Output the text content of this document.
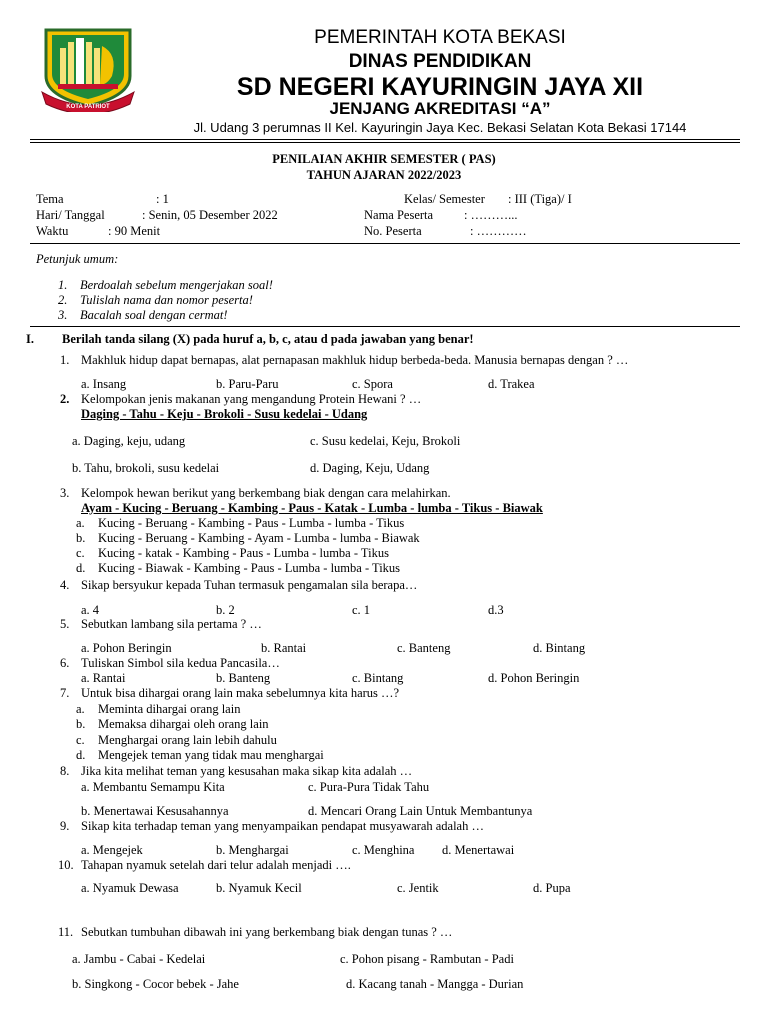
KOTA PATRIOT
PEMERINTAH KOTA BEKASI
DINAS PENDIDIKAN
SD NEGERI KAYURINGIN JAYA XII
JENJANG AKREDITASI “A”
Jl. Udang 3 perumnas II Kel. Kayuringin Jaya Kec. Bekasi Selatan Kota Bekasi 17144
PENILAIAN AKHIR SEMESTER ( PAS)
TAHUN AJARAN 2022/2023
Tema	: 1
Hari/ Tanggal	: Senin, 05 Desember 2022
Waktu	: 90 Menit
Kelas/ Semester : III (Tiga)/ I
Nama Peserta : ………...
No. Peserta	: …………
Petunjuk umum:
1. Berdoalah sebelum mengerjakan soal!
2. Tulislah nama dan nomor peserta!
3. Bacalah soal dengan cermat!
I. Berilah tanda silang (X) pada huruf a, b, c, atau d pada jawaban yang benar!
1. Makhluk hidup dapat bernapas, alat pernapasan makhluk hidup berbeda-beda. Manusia bernapas dengan ? …
a. Insang	b. Paru-Paru	c. Spora	d. Trakea
2. Kelompokan jenis makanan yang mengandung Protein Hewani ? …
Daging - Tahu - Keju - Brokoli - Susu kedelai - Udang
a. Daging, keju, udang	c. Susu kedelai, Keju, Brokoli
b. Tahu, brokoli, susu kedelai	d. Daging, Keju, Udang
3. Kelompok hewan berikut yang berkembang biak dengan cara melahirkan.
Ayam - Kucing - Beruang - Kambing - Paus - Katak - Lumba - lumba - Tikus - Biawak
a. Kucing - Beruang - Kambing - Paus - Lumba - lumba - Tikus
b. Kucing - Beruang - Kambing - Ayam - Lumba - lumba - Biawak
c. Kucing - katak - Kambing - Paus - Lumba - lumba - Tikus
d. Kucing - Biawak - Kambing - Paus - Lumba - lumba - Tikus
4. Sikap bersyukur kepada Tuhan termasuk pengamalan sila berapa…
a. 4	b. 2	c. 1	d.3
5. Sebutkan lambang sila pertama ? …
a. Pohon Beringin	b. Rantai	c. Banteng	d. Bintang
6. Tuliskan Simbol sila kedua Pancasila…
a. Rantai	b. Banteng	c. Bintang	d. Pohon Beringin
7. Untuk bisa dihargai orang lain maka sebelumnya kita harus …?
a. Meminta dihargai orang lain
b. Memaksa dihargai oleh orang lain
c. Menghargai orang lain lebih dahulu
d. Mengejek teman yang tidak mau menghargai
8. Jika kita melihat teman yang kesusahan maka sikap kita adalah …
a. Membantu Semampu Kita	c. Pura-Pura Tidak Tahu
b. Menertawai Kesusahannya	d. Mencari Orang Lain Untuk Membantunya
9. Sikap kita terhadap teman yang menyampaikan pendapat musyawarah adalah …
a. Mengejek	b. Menghargai	c. Menghina d. Menertawai
10. Tahapan nyamuk setelah dari telur adalah menjadi ….
a. Nyamuk Dewasa	b. Nyamuk Kecil	c. Jentik	d. Pupa
11. Sebutkan tumbuhan dibawah ini yang berkembang biak dengan tunas ? …
a. Jambu - Cabai - Kedelai	c. Pohon pisang - Rambutan - Padi
b. Singkong - Cocor bebek - Jahe	d. Kacang tanah - Mangga - Durian
